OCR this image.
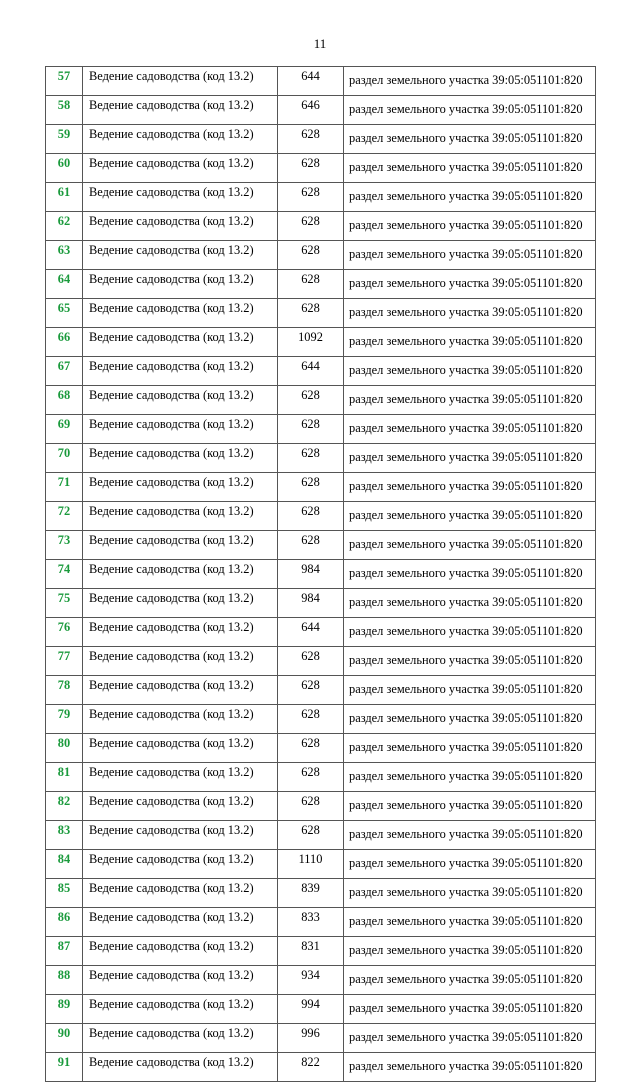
11
57	Ведение садоводства (код 13.2)	644	раздел земельного участка 39:05:051101:820
58	Ведение садоводства (код 13.2)	646	раздел земельного участка 39:05:051101:820
59	Ведение садоводства (код 13.2)	628	раздел земельного участка 39:05:051101:820
60	Ведение садоводства (код 13.2)	628	раздел земельного участка 39:05:051101:820
61	Ведение садоводства (код 13.2)	628	раздел земельного участка 39:05:051101:820
62	Ведение садоводства (код 13.2)	628	раздел земельного участка 39:05:051101:820
63	Ведение садоводства (код 13.2)	628	раздел земельного участка 39:05:051101:820
64	Ведение садоводства (код 13.2)	628	раздел земельного участка 39:05:051101:820
65	Ведение садоводства (код 13.2)	628	раздел земельного участка 39:05:051101:820
66	Ведение садоводства (код 13.2)	1092	раздел земельного участка 39:05:051101:820
67	Ведение садоводства (код 13.2)	644	раздел земельного участка 39:05:051101:820
68	Ведение садоводства (код 13.2)	628	раздел земельного участка 39:05:051101:820
69	Ведение садоводства (код 13.2)	628	раздел земельного участка 39:05:051101:820
70	Ведение садоводства (код 13.2)	628	раздел земельного участка 39:05:051101:820
71	Ведение садоводства (код 13.2)	628	раздел земельного участка 39:05:051101:820
72	Ведение садоводства (код 13.2)	628	раздел земельного участка 39:05:051101:820
73	Ведение садоводства (код 13.2)	628	раздел земельного участка 39:05:051101:820
74	Ведение садоводства (код 13.2)	984	раздел земельного участка 39:05:051101:820
75	Ведение садоводства (код 13.2)	984	раздел земельного участка 39:05:051101:820
76	Ведение садоводства (код 13.2)	644	раздел земельного участка 39:05:051101:820
77	Ведение садоводства (код 13.2)	628	раздел земельного участка 39:05:051101:820
78	Ведение садоводства (код 13.2)	628	раздел земельного участка 39:05:051101:820
79	Ведение садоводства (код 13.2)	628	раздел земельного участка 39:05:051101:820
80	Ведение садоводства (код 13.2)	628	раздел земельного участка 39:05:051101:820
81	Ведение садоводства (код 13.2)	628	раздел земельного участка 39:05:051101:820
82	Ведение садоводства (код 13.2)	628	раздел земельного участка 39:05:051101:820
83	Ведение садоводства (код 13.2)	628	раздел земельного участка 39:05:051101:820
84	Ведение садоводства (код 13.2)	1110	раздел земельного участка 39:05:051101:820
85	Ведение садоводства (код 13.2)	839	раздел земельного участка 39:05:051101:820
86	Ведение садоводства (код 13.2)	833	раздел земельного участка 39:05:051101:820
87	Ведение садоводства (код 13.2)	831	раздел земельного участка 39:05:051101:820
88	Ведение садоводства (код 13.2)	934	раздел земельного участка 39:05:051101:820
89	Ведение садоводства (код 13.2)	994	раздел земельного участка 39:05:051101:820
90	Ведение садоводства (код 13.2)	996	раздел земельного участка 39:05:051101:820
91	Ведение садоводства (код 13.2)	822	раздел земельного участка 39:05:051101:820
